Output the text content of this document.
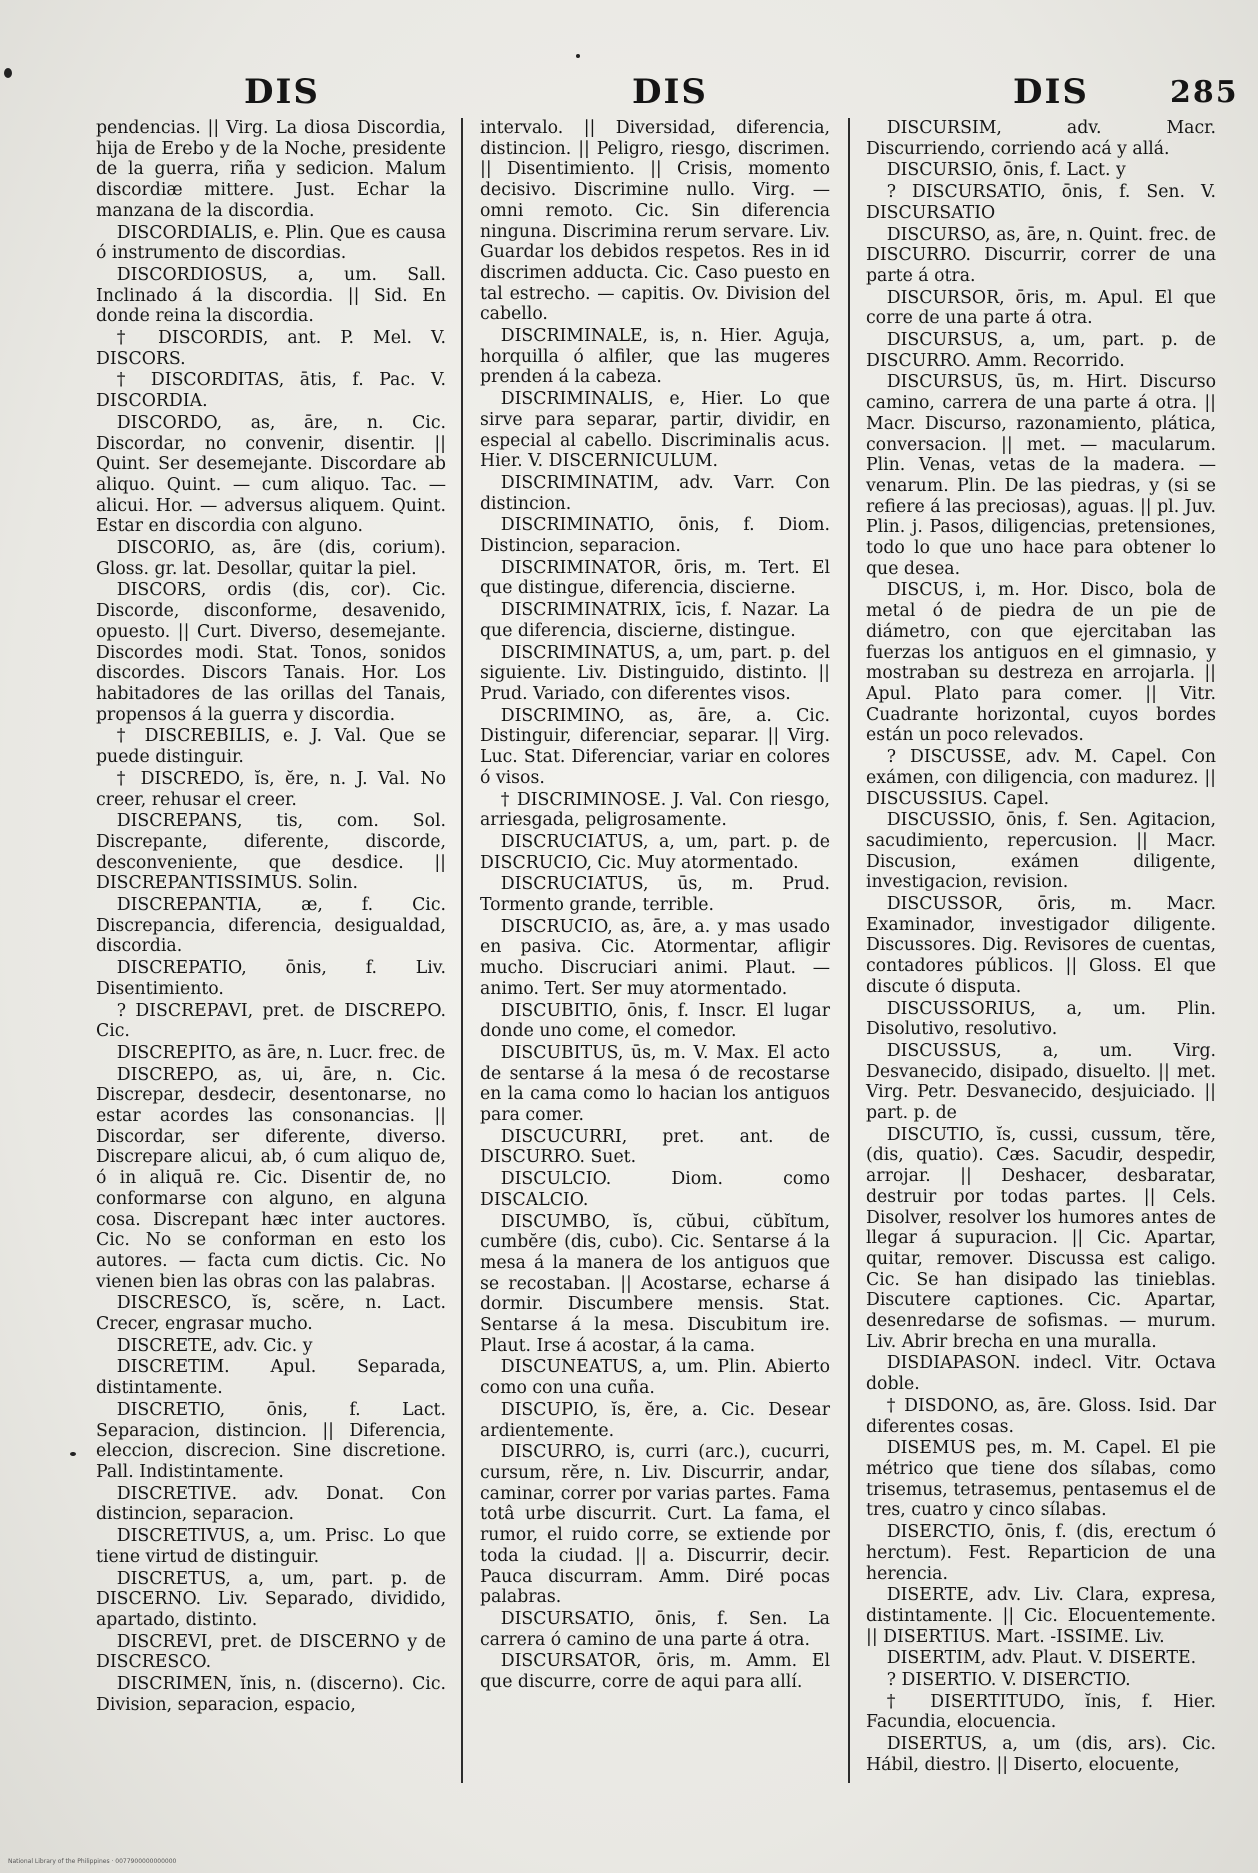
DIS	DIS	DIS	285

pendencias. || Virg. La diosa Discordia, hija de Erebo y de la Noche, presidente de la guerra, riña y sedicion. Malum discordiæ mittere. Just. Echar la manzana de la discordia.

DISCORDIALIS, e. Plin. Que es causa ó instrumento de discordias.

DISCORDIOSUS, a, um. Sall. Inclinado á la discordia. || Sid. En donde reina la discordia.

† DISCORDIS, ant. P. Mel. V. DISCORS.

† DISCORDITAS, ātis, f. Pac. V. DISCORDIA.

DISCORDO, as, āre, n. Cic. Discordar, no convenir, disentir. || Quint. Ser desemejante. Discordare ab aliquo. Quint. — cum aliquo. Tac. — alicui. Hor. — adversus aliquem. Quint. Estar en discordia con alguno.

DISCORIO, as, āre (dis, corium). Gloss. gr. lat. Desollar, quitar la piel.

DISCORS, ordis (dis, cor). Cic. Discorde, disconforme, desavenido, opuesto. || Curt. Diverso, desemejante. Discordes modi. Stat. Tonos, sonidos discordes. Discors Tanais. Hor. Los habitadores de las orillas del Tanais, propensos á la guerra y discordia.

† DISCREBILIS, e. J. Val. Que se puede distinguir.

† DISCREDO, ĭs, ĕre, n. J. Val. No creer, rehusar el creer.

DISCREPANS, tis, com. Sol. Discrepante, diferente, discorde, desconveniente, que desdice. || DISCREPANTISSIMUS. Solin.

DISCREPANTIA, æ, f. Cic. Discrepancia, diferencia, desigualdad, discordia.

DISCREPATIO, ōnis, f. Liv. Disentimiento.

? DISCREPAVI, pret. de DISCREPO. Cic.

DISCREPITO, as āre, n. Lucr. frec. de

DISCREPO, as, ui, āre, n. Cic. Discrepar, desdecir, desentonarse, no estar acordes las consonancias. || Discordar, ser diferente, diverso. Discrepare alicui, ab, ó cum aliquo de, ó in aliquā re. Cic. Disentir de, no conformarse con alguno, en alguna cosa. Discrepant hæc inter auctores. Cic. No se conforman en esto los autores. — facta cum dictis. Cic. No vienen bien las obras con las palabras.

DISCRESCO, ĭs, scĕre, n. Lact. Crecer, engrasar mucho.

DISCRETE, adv. Cic. y

DISCRETIM. Apul. Separada, distintamente.

DISCRETIO, ōnis, f. Lact. Separacion, distincion. || Diferencia, eleccion, discrecion. Sine discretione. Pall. Indistintamente.

DISCRETIVE. adv. Donat. Con distincion, separacion.

DISCRETIVUS, a, um. Prisc. Lo que tiene virtud de distinguir.

DISCRETUS, a, um, part. p. de DISCERNO. Liv. Separado, dividido, apartado, distinto.

DISCREVI, pret. de DISCERNO y de DISCRESCO.

DISCRIMEN, ĭnis, n. (discerno). Cic. Division, separacion, espacio,

intervalo. || Diversidad, diferencia, distincion. || Peligro, riesgo, discrimen. || Disentimiento. || Crisis, momento decisivo. Discrimine nullo. Virg. — omni remoto. Cic. Sin diferencia ninguna. Discrimina rerum servare. Liv. Guardar los debidos respetos. Res in id discrimen adducta. Cic. Caso puesto en tal estrecho. — capitis. Ov. Division del cabello.

DISCRIMINALE, is, n. Hier. Aguja, horquilla ó alfiler, que las mugeres prenden á la cabeza.

DISCRIMINALIS, e, Hier. Lo que sirve para separar, partir, dividir, en especial al cabello. Discriminalis acus. Hier. V. DISCERNICULUM.

DISCRIMINATIM, adv. Varr. Con distincion.

DISCRIMINATIO, ōnis, f. Diom. Distincion, separacion.

DISCRIMINATOR, ōris, m. Tert. El que distingue, diferencia, discierne.

DISCRIMINATRIX, īcis, f. Nazar. La que diferencia, discierne, distingue.

DISCRIMINATUS, a, um, part. p. del siguiente. Liv. Distinguido, distinto. || Prud. Variado, con diferentes visos.

DISCRIMINO, as, āre, a. Cic. Distinguir, diferenciar, separar. || Virg. Luc. Stat. Diferenciar, variar en colores ó visos.

† DISCRIMINOSE. J. Val. Con riesgo, arriesgada, peligrosamente.

DISCRUCIATUS, a, um, part. p. de DISCRUCIO, Cic. Muy atormentado.

DISCRUCIATUS, ūs, m. Prud. Tormento grande, terrible.

DISCRUCIO, as, āre, a. y mas usado en pasiva. Cic. Atormentar, afligir mucho. Discruciari animi. Plaut. — animo. Tert. Ser muy atormentado.

DISCUBITIO, ōnis, f. Inscr. El lugar donde uno come, el comedor.

DISCUBITUS, ūs, m. V. Max. El acto de sentarse á la mesa ó de recostarse en la cama como lo hacian los antiguos para comer.

DISCUCURRI, pret. ant. de DISCURRO. Suet.

DISCULCIO. Diom. como DISCALCIO.

DISCUMBO, ĭs, cŭbui, cŭbĭtum, cumbĕre (dis, cubo). Cic. Sentarse á la mesa á la manera de los antiguos que se recostaban. || Acostarse, echarse á dormir. Discumbere mensis. Stat. Sentarse á la mesa. Discubitum ire. Plaut. Irse á acostar, á la cama.

DISCUNEATUS, a, um. Plin. Abierto como con una cuña.

DISCUPIO, ĭs, ĕre, a. Cic. Desear ardientemente.

DISCURRO, is, curri (arc.), cucurri, cursum, rĕre, n. Liv. Discurrir, andar, caminar, correr por varias partes. Fama totâ urbe discurrit. Curt. La fama, el rumor, el ruido corre, se extiende por toda la ciudad. || a. Discurrir, decir. Pauca discurram. Amm. Diré pocas palabras.

DISCURSATIO, ōnis, f. Sen. La carrera ó camino de una parte á otra.

DISCURSATOR, ōris, m. Amm. El que discurre, corre de aqui para allí.

DISCURSIM, adv. Macr. Discurriendo, corriendo acá y allá.

DISCURSIO, ōnis, f. Lact. y

? DISCURSATIO, ōnis, f. Sen. V. DISCURSATIO

DISCURSO, as, āre, n. Quint. frec. de DISCURRO. Discurrir, correr de una parte á otra.

DISCURSOR, ōris, m. Apul. El que corre de una parte á otra.

DISCURSUS, a, um, part. p. de DISCURRO. Amm. Recorrido.

DISCURSUS, ūs, m. Hirt. Discurso camino, carrera de una parte á otra. || Macr. Discurso, razonamiento, plática, conversacion. || met. — macularum. Plin. Venas, vetas de la madera. — venarum. Plin. De las piedras, y (si se refiere á las preciosas), aguas. || pl. Juv. Plin. j. Pasos, diligencias, pretensiones, todo lo que uno hace para obtener lo que desea.

DISCUS, i, m. Hor. Disco, bola de metal ó de piedra de un pie de diámetro, con que ejercitaban las fuerzas los antiguos en el gimnasio, y mostraban su destreza en arrojarla. || Apul. Plato para comer. || Vitr. Cuadrante horizontal, cuyos bordes están un poco relevados.

? DISCUSSE, adv. M. Capel. Con exámen, con diligencia, con madurez. || DISCUSSIUS. Capel.

DISCUSSIO, ōnis, f. Sen. Agitacion, sacudimiento, repercusion. || Macr. Discusion, exámen diligente, investigacion, revision.

DISCUSSOR, ōris, m. Macr. Examinador, investigador diligente. Discussores. Dig. Revisores de cuentas, contadores públicos. || Gloss. El que discute ó disputa.

DISCUSSORIUS, a, um. Plin. Disolutivo, resolutivo.

DISCUSSUS, a, um. Virg. Desvanecido, disipado, disuelto. || met. Virg. Petr. Desvanecido, desjuiciado. || part. p. de

DISCUTIO, ĭs, cussi, cussum, tĕre, (dis, quatio). Cæs. Sacudir, despedir, arrojar. || Deshacer, desbaratar, destruir por todas partes. || Cels. Disolver, resolver los humores antes de llegar á supuracion. || Cic. Apartar, quitar, remover. Discussa est caligo. Cic. Se han disipado las tinieblas. Discutere captiones. Cic. Apartar, desenredarse de sofismas. — murum. Liv. Abrir brecha en una muralla.

DISDIAPASON. indecl. Vitr. Octava doble.

† DISDONO, as, āre. Gloss. Isid. Dar diferentes cosas.

DISEMUS pes, m. M. Capel. El pie métrico que tiene dos sílabas, como trisemus, tetrasemus, pentasemus el de tres, cuatro y cinco sílabas.

DISERCTIO, ōnis, f. (dis, erectum ó herctum). Fest. Reparticion de una herencia.

DISERTE, adv. Liv. Clara, expresa, distintamente. || Cic. Elocuentemente. || DISERTIUS. Mart. -ISSIME. Liv.

DISERTIM, adv. Plaut. V. DISERTE.

? DISERTIO. V. DISERCTIO.

† DISERTITUDO, ĭnis, f. Hier. Facundia, elocuencia.

DISERTUS, a, um (dis, ars). Cic. Hábil, diestro. || Diserto, elocuente,

National Library of the Philippines · 0077900000000000
